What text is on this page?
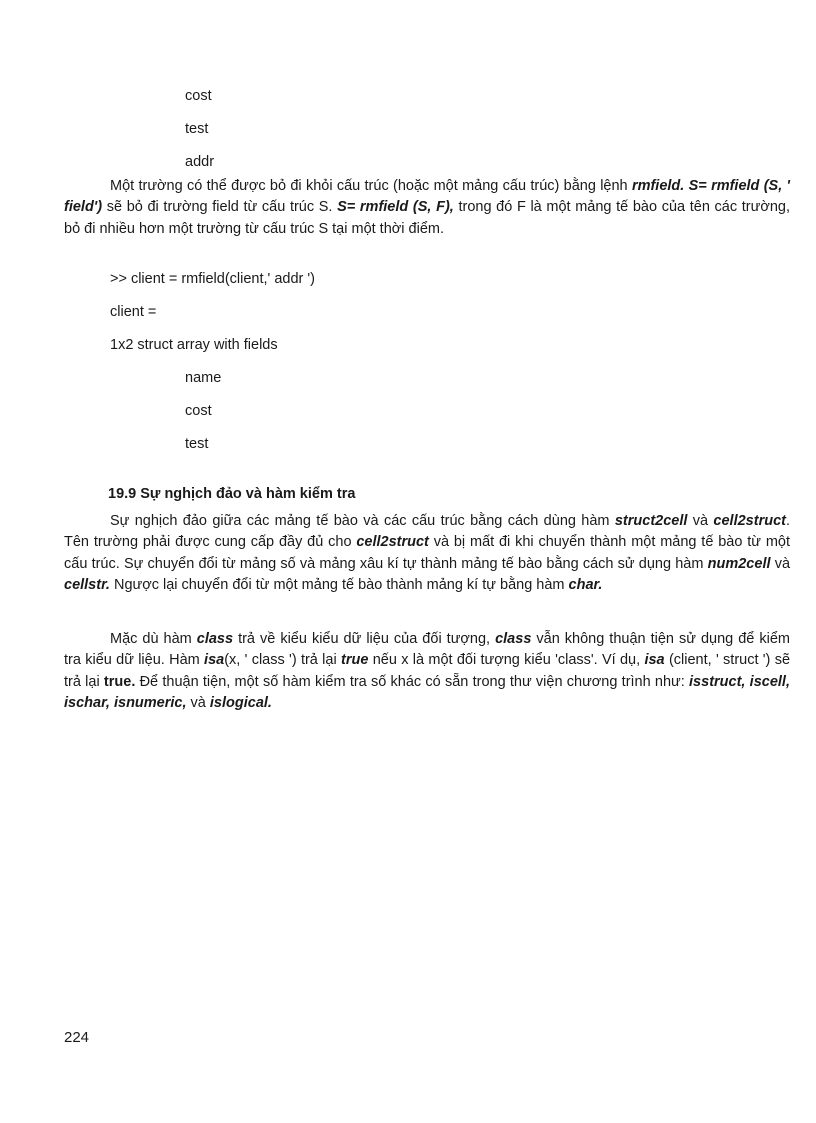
cost
test
addr

Một trường có thể được bỏ đi khỏi cấu trúc (hoặc một mảng cấu trúc) bằng lệnh rmfield. S= rmfield (S, ' field') sẽ bỏ đi trường field từ cấu trúc S. S= rmfield (S, F), trong đó F là một mảng tế bào của tên các trường, bỏ đi nhiều hơn một trường từ cấu trúc S tại một thời điểm.

>> client = rmfield(client,' addr ')
client =
1x2 struct array with fields
name
cost
test
19.9 Sự nghịch đảo và hàm kiểm tra

Sự nghịch đảo giữa các mảng tế bào và các cấu trúc bằng cách dùng hàm struct2cell và cell2struct. Tên trường phải được cung cấp đầy đủ cho cell2struct và bị mất đi khi chuyển thành một mảng tế bào từ một cấu trúc. Sự chuyển đổi từ mảng số và mảng xâu kí tự thành mảng tế bào bằng cách sử dụng hàm num2cell và cellstr. Ngược lại chuyển đổi từ một mảng tế bào thành mảng kí tự bằng hàm char.

Mặc dù hàm class trả về kiểu kiểu dữ liệu của đối tượng, class vẫn không thuận tiện sử dụng để kiểm tra kiểu dữ liệu. Hàm isa(x, ' class ') trả lại true nếu x là một đối tượng kiểu 'class'. Ví dụ, isa (client, ' struct ') sẽ trả lại true. Để thuận tiện, một số hàm kiểm tra số khác có sẵn trong thư viện chương trình như: isstruct, iscell, ischar, isnumeric, và islogical.

224
